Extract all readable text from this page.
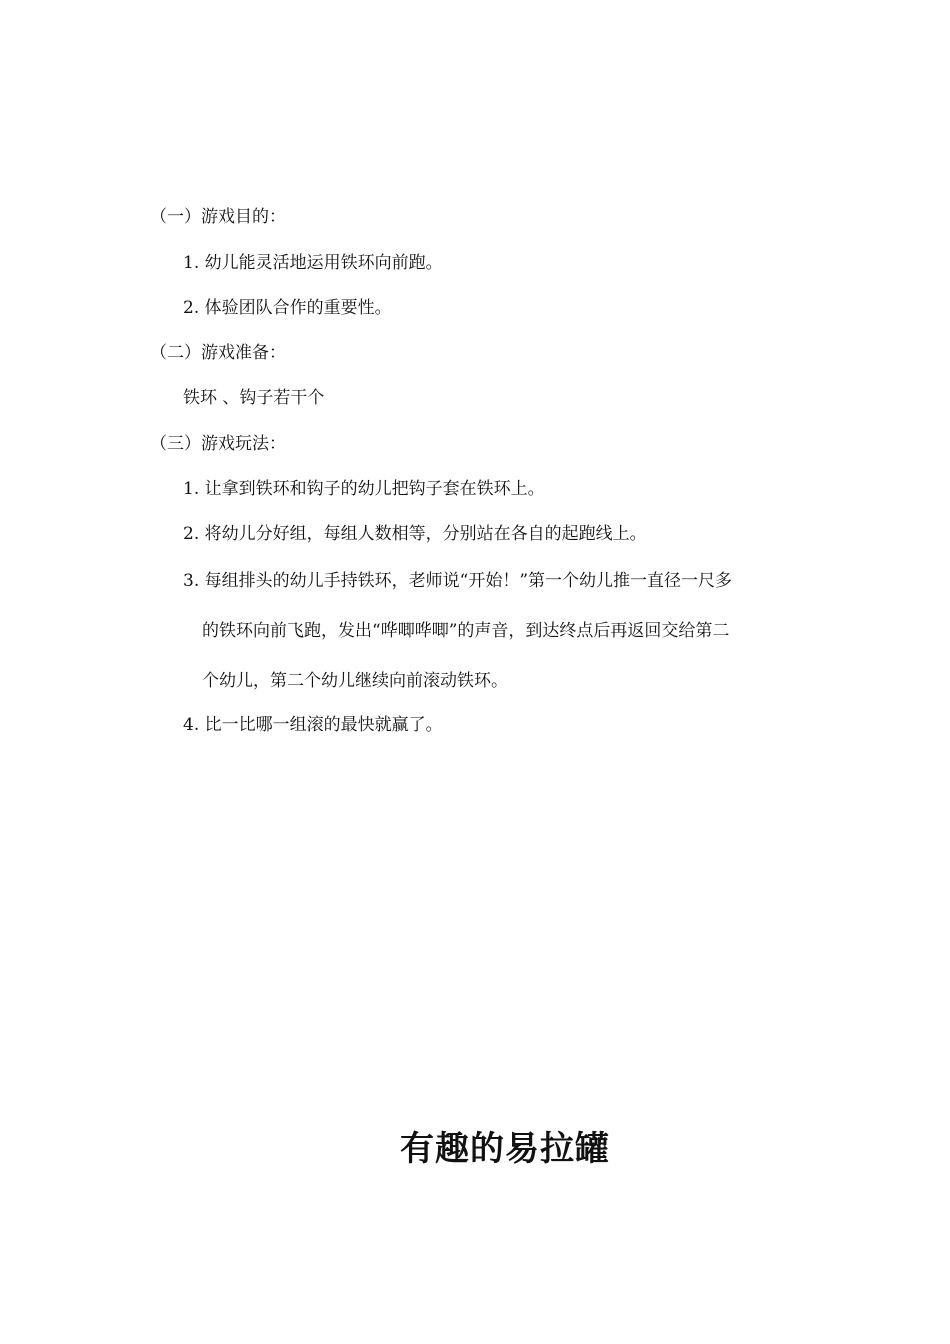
（一）游戏目的：
1. 幼儿能灵活地运用铁环向前跑。
2. 体验团队合作的重要性。
（二）游戏准备：
铁环 、钩子若干个
（三）游戏玩法：
1. 让拿到铁环和钩子的幼儿把钩子套在铁环上。
2. 将幼儿分好组，每组人数相等，分别站在各自的起跑线上。
3. 每组排头的幼儿手持铁环，老师说“开始！”第一个幼儿推一直径一尺多
的铁环向前飞跑，发出“哗唧哗唧”的声音，到达终点后再返回交给第二
个幼儿，第二个幼儿继续向前滚动铁环。
4. 比一比哪一组滚的最快就赢了。
有趣的易拉罐
